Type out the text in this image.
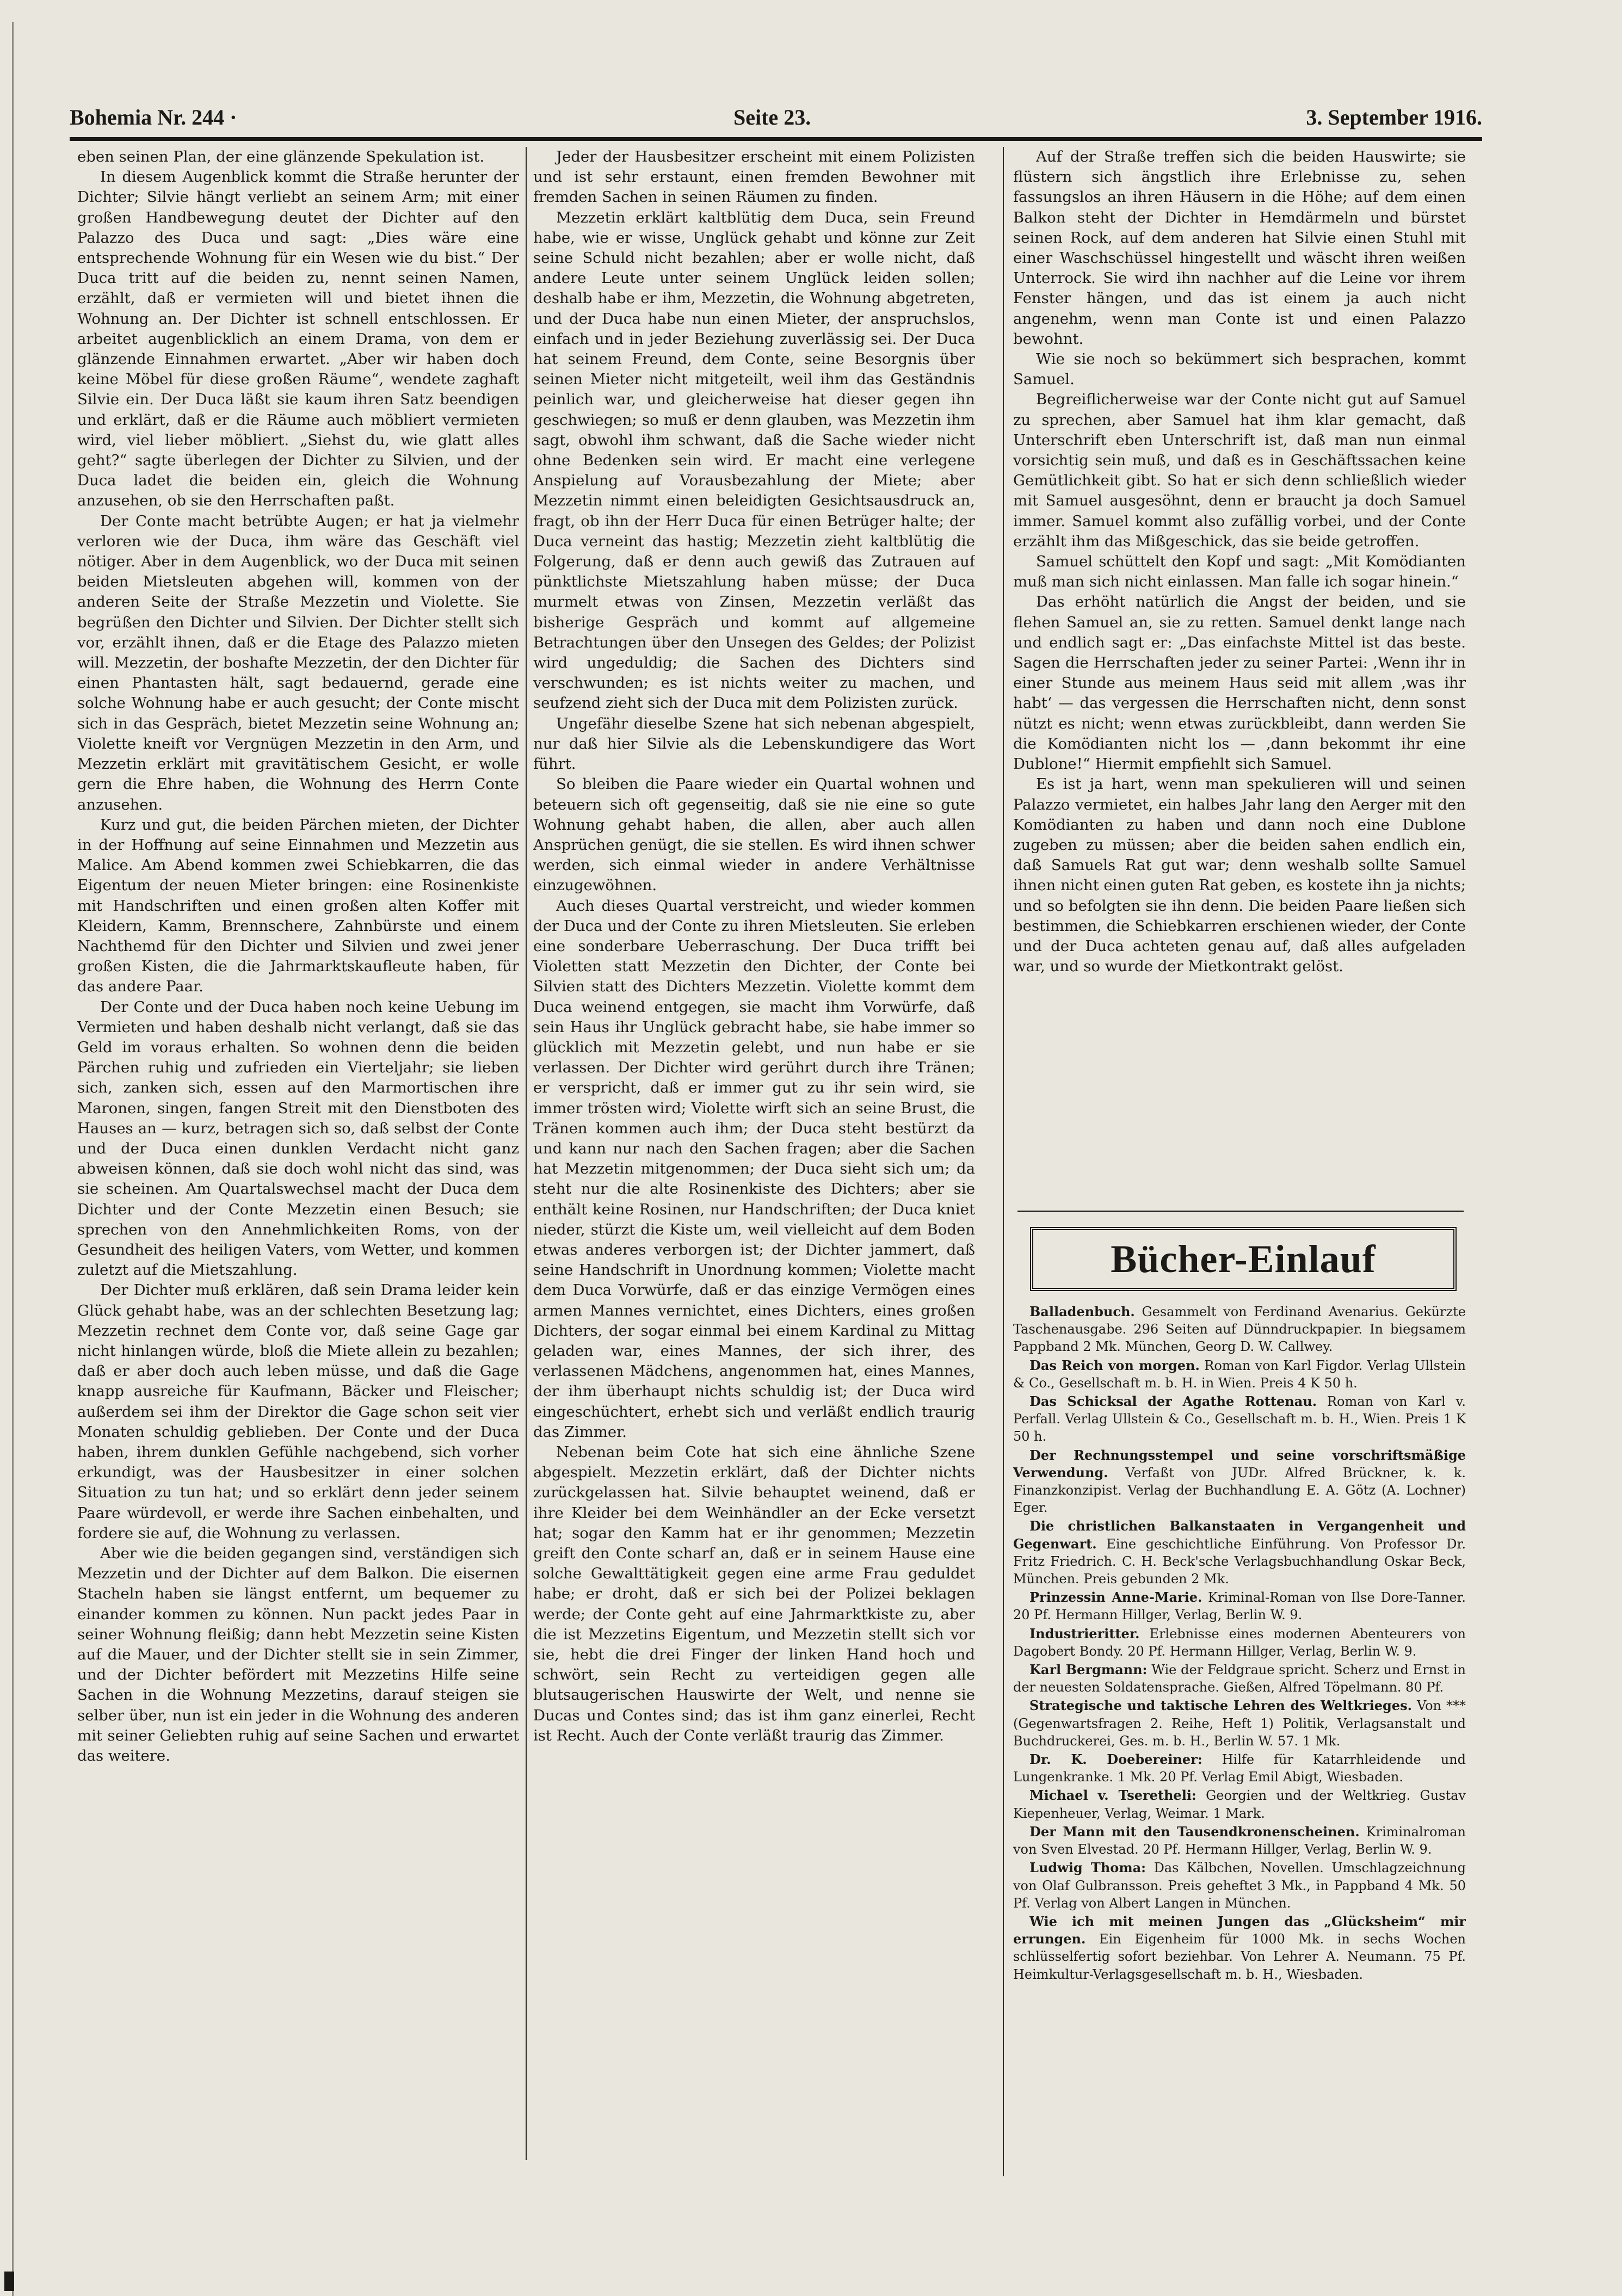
Bohemia Nr. 244 ·	Seite 23.	3. September 1916.

eben seinen Plan, der eine glänzende Spekulation ist.

In diesem Augenblick kommt die Straße herunter der Dichter; Silvie hängt verliebt an seinem Arm; mit einer großen Handbewegung deutet der Dichter auf den Palazzo des Duca und sagt: „Dies wäre eine entsprechende Wohnung für ein Wesen wie du bist.“ Der Duca tritt auf die beiden zu, nennt seinen Namen, erzählt, daß er vermieten will und bietet ihnen die Wohnung an. Der Dichter ist schnell entschlossen. Er arbeitet augenblicklich an einem Drama, von dem er glänzende Einnahmen erwartet. „Aber wir haben doch keine Möbel für diese großen Räume“, wendete zaghaft Silvie ein. Der Duca läßt sie kaum ihren Satz beendigen und erklärt, daß er die Räume auch möbliert vermieten wird, viel lieber möbliert. „Siehst du, wie glatt alles geht?“ sagte überlegen der Dichter zu Silvien, und der Duca ladet die beiden ein, gleich die Wohnung anzusehen, ob sie den Herrschaften paßt.

Der Conte macht betrübte Augen; er hat ja vielmehr verloren wie der Duca, ihm wäre das Geschäft viel nötiger. Aber in dem Augenblick, wo der Duca mit seinen beiden Mietsleuten abgehen will, kommen von der anderen Seite der Straße Mezzetin und Violette. Sie begrüßen den Dichter und Silvien. Der Dichter stellt sich vor, erzählt ihnen, daß er die Etage des Palazzo mieten will. Mezzetin, der boshafte Mezzetin, der den Dichter für einen Phantasten hält, sagt bedauernd, gerade eine solche Wohnung habe er auch gesucht; der Conte mischt sich in das Gespräch, bietet Mezzetin seine Wohnung an; Violette kneift vor Vergnügen Mezzetin in den Arm, und Mezzetin erklärt mit gravitätischem Gesicht, er wolle gern die Ehre haben, die Wohnung des Herrn Conte anzusehen.

Kurz und gut, die beiden Pärchen mieten, der Dichter in der Hoffnung auf seine Einnahmen und Mezzetin aus Malice. Am Abend kommen zwei Schiebkarren, die das Eigentum der neuen Mieter bringen: eine Rosinenkiste mit Handschriften und einen großen alten Koffer mit Kleidern, Kamm, Brennschere, Zahnbürste und einem Nachthemd für den Dichter und Silvien und zwei jener großen Kisten, die die Jahrmarktskaufleute haben, für das andere Paar.

Der Conte und der Duca haben noch keine Uebung im Vermieten und haben deshalb nicht verlangt, daß sie das Geld im voraus erhalten. So wohnen denn die beiden Pärchen ruhig und zufrieden ein Vierteljahr; sie lieben sich, zanken sich, essen auf den Marmortischen ihre Maronen, singen, fangen Streit mit den Dienstboten des Hauses an — kurz, betragen sich so, daß selbst der Conte und der Duca einen dunklen Verdacht nicht ganz abweisen können, daß sie doch wohl nicht das sind, was sie scheinen. Am Quartalswechsel macht der Duca dem Dichter und der Conte Mezzetin einen Besuch; sie sprechen von den Annehmlichkeiten Roms, von der Gesundheit des heiligen Vaters, vom Wetter, und kommen zuletzt auf die Mietszahlung.

Der Dichter muß erklären, daß sein Drama leider kein Glück gehabt habe, was an der schlechten Besetzung lag; Mezzetin rechnet dem Conte vor, daß seine Gage gar nicht hinlangen würde, bloß die Miete allein zu bezahlen; daß er aber doch auch leben müsse, und daß die Gage knapp ausreiche für Kaufmann, Bäcker und Fleischer; außerdem sei ihm der Direktor die Gage schon seit vier Monaten schuldig geblieben. Der Conte und der Duca haben, ihrem dunklen Gefühle nachgebend, sich vorher erkundigt, was der Hausbesitzer in einer solchen Situation zu tun hat; und so erklärt denn jeder seinem Paare würdevoll, er werde ihre Sachen einbehalten, und fordere sie auf, die Wohnung zu verlassen.

Aber wie die beiden gegangen sind, verständigen sich Mezzetin und der Dichter auf dem Balkon. Die eisernen Stacheln haben sie längst entfernt, um bequemer zu einander kommen zu können. Nun packt jedes Paar in seiner Wohnung fleißig; dann hebt Mezzetin seine Kisten auf die Mauer, und der Dichter stellt sie in sein Zimmer, und der Dichter befördert mit Mezzetins Hilfe seine Sachen in die Wohnung Mezzetins, darauf steigen sie selber über, nun ist ein jeder in die Wohnung des anderen mit seiner Geliebten ruhig auf seine Sachen und erwartet das weitere.

Jeder der Hausbesitzer erscheint mit einem Polizisten und ist sehr erstaunt, einen fremden Bewohner mit fremden Sachen in seinen Räumen zu finden.

Mezzetin erklärt kaltblütig dem Duca, sein Freund habe, wie er wisse, Unglück gehabt und könne zur Zeit seine Schuld nicht bezahlen; aber er wolle nicht, daß andere Leute unter seinem Unglück leiden sollen; deshalb habe er ihm, Mezzetin, die Wohnung abgetreten, und der Duca habe nun einen Mieter, der anspruchslos, einfach und in jeder Beziehung zuverlässig sei. Der Duca hat seinem Freund, dem Conte, seine Besorgnis über seinen Mieter nicht mitgeteilt, weil ihm das Geständnis peinlich war, und gleicherweise hat dieser gegen ihn geschwiegen; so muß er denn glauben, was Mezzetin ihm sagt, obwohl ihm schwant, daß die Sache wieder nicht ohne Bedenken sein wird. Er macht eine verlegene Anspielung auf Vorausbezahlung der Miete; aber Mezzetin nimmt einen beleidigten Gesichtsausdruck an, fragt, ob ihn der Herr Duca für einen Betrüger halte; der Duca verneint das hastig; Mezzetin zieht kaltblütig die Folgerung, daß er denn auch gewiß das Zutrauen auf pünktlichste Mietszahlung haben müsse; der Duca murmelt etwas von Zinsen, Mezzetin verläßt das bisherige Gespräch und kommt auf allgemeine Betrachtungen über den Unsegen des Geldes; der Polizist wird ungeduldig; die Sachen des Dichters sind verschwunden; es ist nichts weiter zu machen, und seufzend zieht sich der Duca mit dem Polizisten zurück.

Ungefähr dieselbe Szene hat sich nebenan abgespielt, nur daß hier Silvie als die Lebenskundigere das Wort führt.

So bleiben die Paare wieder ein Quartal wohnen und beteuern sich oft gegenseitig, daß sie nie eine so gute Wohnung gehabt haben, die allen, aber auch allen Ansprüchen genügt, die sie stellen. Es wird ihnen schwer werden, sich einmal wieder in andere Verhältnisse einzugewöhnen.

Auch dieses Quartal verstreicht, und wieder kommen der Duca und der Conte zu ihren Mietsleuten. Sie erleben eine sonderbare Ueberraschung. Der Duca trifft bei Violetten statt Mezzetin den Dichter, der Conte bei Silvien statt des Dichters Mezzetin. Violette kommt dem Duca weinend entgegen, sie macht ihm Vorwürfe, daß sein Haus ihr Unglück gebracht habe, sie habe immer so glücklich mit Mezzetin gelebt, und nun habe er sie verlassen. Der Dichter wird gerührt durch ihre Tränen; er verspricht, daß er immer gut zu ihr sein wird, sie immer trösten wird; Violette wirft sich an seine Brust, die Tränen kommen auch ihm; der Duca steht bestürzt da und kann nur nach den Sachen fragen; aber die Sachen hat Mezzetin mitgenommen; der Duca sieht sich um; da steht nur die alte Rosinenkiste des Dichters; aber sie enthält keine Rosinen, nur Handschriften; der Duca kniet nieder, stürzt die Kiste um, weil vielleicht auf dem Boden etwas anderes verborgen ist; der Dichter jammert, daß seine Handschrift in Unordnung kommen; Violette macht dem Duca Vorwürfe, daß er das einzige Vermögen eines armen Mannes vernichtet, eines Dichters, eines großen Dichters, der sogar einmal bei einem Kardinal zu Mittag geladen war, eines Mannes, der sich ihrer, des verlassenen Mädchens, angenommen hat, eines Mannes, der ihm überhaupt nichts schuldig ist; der Duca wird eingeschüchtert, erhebt sich und verläßt endlich traurig das Zimmer.

Nebenan beim Cote hat sich eine ähnliche Szene abgespielt. Mezzetin erklärt, daß der Dichter nichts zurückgelassen hat. Silvie behauptet weinend, daß er ihre Kleider bei dem Weinhändler an der Ecke versetzt hat; sogar den Kamm hat er ihr genommen; Mezzetin greift den Conte scharf an, daß er in seinem Hause eine solche Gewalttätigkeit gegen eine arme Frau geduldet habe; er droht, daß er sich bei der Polizei beklagen werde; der Conte geht auf eine Jahrmarktkiste zu, aber die ist Mezzetins Eigentum, und Mezzetin stellt sich vor sie, hebt die drei Finger der linken Hand hoch und schwört, sein Recht zu verteidigen gegen alle blutsaugerischen Hauswirte der Welt, und nenne sie Ducas und Contes sind; das ist ihm ganz einerlei, Recht ist Recht. Auch der Conte verläßt traurig das Zimmer.

Auf der Straße treffen sich die beiden Hauswirte; sie flüstern sich ängstlich ihre Erlebnisse zu, sehen fassungslos an ihren Häusern in die Höhe; auf dem einen Balkon steht der Dichter in Hemdärmeln und bürstet seinen Rock, auf dem anderen hat Silvie einen Stuhl mit einer Waschschüssel hingestellt und wäscht ihren weißen Unterrock. Sie wird ihn nachher auf die Leine vor ihrem Fenster hängen, und das ist einem ja auch nicht angenehm, wenn man Conte ist und einen Palazzo bewohnt.

Wie sie noch so bekümmert sich besprachen, kommt Samuel.

Begreiflicherweise war der Conte nicht gut auf Samuel zu sprechen, aber Samuel hat ihm klar gemacht, daß Unterschrift eben Unterschrift ist, daß man nun einmal vorsichtig sein muß, und daß es in Geschäftssachen keine Gemütlichkeit gibt. So hat er sich denn schließlich wieder mit Samuel ausgesöhnt, denn er braucht ja doch Samuel immer. Samuel kommt also zufällig vorbei, und der Conte erzählt ihm das Mißgeschick, das sie beide getroffen.

Samuel schüttelt den Kopf und sagt: „Mit Komödianten muß man sich nicht einlassen. Man falle ich sogar hinein.“

Das erhöht natürlich die Angst der beiden, und sie flehen Samuel an, sie zu retten. Samuel denkt lange nach und endlich sagt er: „Das einfachste Mittel ist das beste. Sagen die Herrschaften jeder zu seiner Partei: ‚Wenn ihr in einer Stunde aus meinem Haus seid mit allem ‚was ihr habt‘ — das vergessen die Herrschaften nicht, denn sonst nützt es nicht; wenn etwas zurückbleibt, dann werden Sie die Komödianten nicht los — ‚dann bekommt ihr eine Dublone!“ Hiermit empfiehlt sich Samuel.

Es ist ja hart, wenn man spekulieren will und seinen Palazzo vermietet, ein halbes Jahr lang den Aerger mit den Komödianten zu haben und dann noch eine Dublone zugeben zu müssen; aber die beiden sahen endlich ein, daß Samuels Rat gut war; denn weshalb sollte Samuel ihnen nicht einen guten Rat geben, es kostete ihn ja nichts; und so befolgten sie ihn denn. Die beiden Paare ließen sich bestimmen, die Schiebkarren erschienen wieder, der Conte und der Duca achteten genau auf, daß alles aufgeladen war, und so wurde der Mietkontrakt gelöst.

Bücher-Einlauf

Balladenbuch. Gesammelt von Ferdinand Avenarius. Gekürzte Taschenausgabe. 296 Seiten auf Dünndruckpapier. In biegsamem Pappband 2 Mk. München, Georg D. W. Callwey.

Das Reich von morgen. Roman von Karl Figdor. Verlag Ullstein & Co., Gesellschaft m. b. H. in Wien. Preis 4 K 50 h.

Das Schicksal der Agathe Rottenau. Roman von Karl v. Perfall. Verlag Ullstein & Co., Gesellschaft m. b. H., Wien. Preis 1 K 50 h.

Der Rechnungsstempel und seine vorschriftsmäßige Verwendung. Verfaßt von JUDr. Alfred Brückner, k. k. Finanzkonzipist. Verlag der Buchhandlung E. A. Götz (A. Lochner) Eger.

Die christlichen Balkanstaaten in Vergangenheit und Gegenwart. Eine geschichtliche Einführung. Von Professor Dr. Fritz Friedrich. C. H. Beck'sche Verlagsbuchhandlung Oskar Beck, München. Preis gebunden 2 Mk.

Prinzessin Anne-Marie. Kriminal-Roman von Ilse Dore-Tanner. 20 Pf. Hermann Hillger, Verlag, Berlin W. 9.

Industrieritter. Erlebnisse eines modernen Abenteurers von Dagobert Bondy. 20 Pf. Hermann Hillger, Verlag, Berlin W. 9.

Karl Bergmann: Wie der Feldgraue spricht. Scherz und Ernst in der neuesten Soldatensprache. Gießen, Alfred Töpelmann. 80 Pf.

Strategische und taktische Lehren des Weltkrieges. Von *** (Gegenwartsfragen 2. Reihe, Heft 1) Politik, Verlagsanstalt und Buchdruckerei, Ges. m. b. H., Berlin W. 57. 1 Mk.

Dr. K. Doebereiner: Hilfe für Katarrhleidende und Lungenkranke. 1 Mk. 20 Pf. Verlag Emil Abigt, Wiesbaden.

Michael v. Tseretheli: Georgien und der Weltkrieg. Gustav Kiepenheuer, Verlag, Weimar. 1 Mark.

Der Mann mit den Tausendkronenscheinen. Kriminalroman von Sven Elvestad. 20 Pf. Hermann Hillger, Verlag, Berlin W. 9.

Ludwig Thoma: Das Kälbchen, Novellen. Umschlagzeichnung von Olaf Gulbransson. Preis geheftet 3 Mk., in Pappband 4 Mk. 50 Pf. Verlag von Albert Langen in München.

Wie ich mit meinen Jungen das „Glücksheim“ mir errungen. Ein Eigenheim für 1000 Mk. in sechs Wochen schlüsselfertig sofort beziehbar. Von Lehrer A. Neumann. 75 Pf. Heimkultur-Verlagsgesellschaft m. b. H., Wiesbaden.
